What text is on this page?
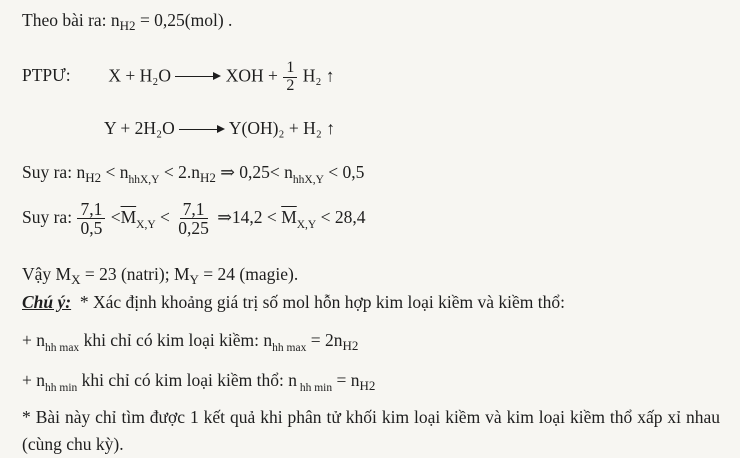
Theo bài ra: $n_{H2} = 0,25(mol)$ .
PTPƯ: X + H₂O	XOH + $\frac{1}{2} H_2$ ↑
Y + 2H₂O	Y(OH)₂ + H₂ ↑
Suy ra: $n_{H2} < n_{hhX,Y} < 2.n_{H2}$ ⇒ $0,25< n_{hhX,Y} < 0,5$
Suy ra: $\frac{7,1}{0,5} <\overline{M}_{X,Y} < \frac{7,1}{0,25}$ ⇒14,2 < $\overline{M}_{X,Y} < 28,4$
Vậy $M_X = 23$ (natri); $M_Y = 24$ (magie).
Chú ý:  * Xác định khoảng giá trị số mol hỗn hợp kim loại kiềm và kiềm thổ:
+ $n_{hh max}$ khi chỉ có kim loại kiềm: $n_{hh max} = 2n_{H2}$
+ $n_{hh min}$ khi chỉ có kim loại kiềm thổ: n $_{hh min} = n_{H2}$
* Bài này chỉ tìm được 1 kết quả khi phân tử khối kim loại kiềm và kim loại kiềm thổ xấp xỉ nhau (cùng chu kỳ).
